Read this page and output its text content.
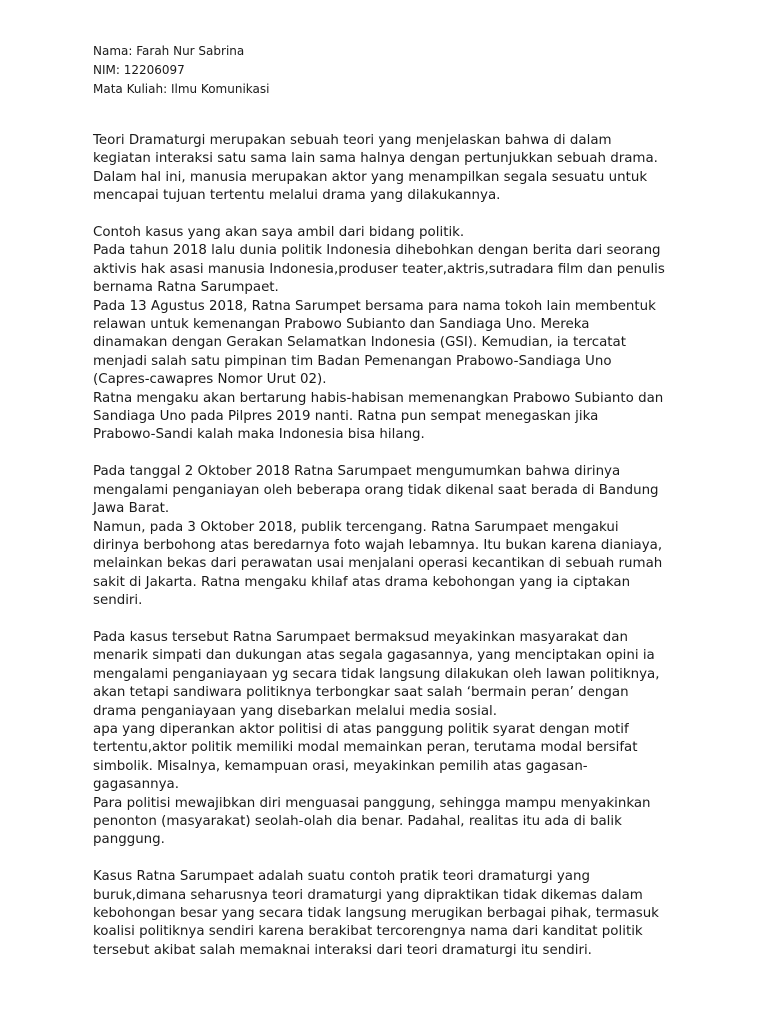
Nama: Farah Nur Sabrina
NIM: 12206097
Mata Kuliah: Ilmu Komunikasi
Teori Dramaturgi merupakan sebuah teori yang menjelaskan bahwa di dalam
kegiatan interaksi satu sama lain sama halnya dengan pertunjukkan sebuah drama.
Dalam hal ini, manusia merupakan aktor yang menampilkan segala sesuatu untuk
mencapai tujuan tertentu melalui drama yang dilakukannya.
Contoh kasus yang akan saya ambil dari bidang politik.
Pada tahun 2018 lalu dunia politik Indonesia dihebohkan dengan berita dari seorang
aktivis hak asasi manusia Indonesia,produser teater,aktris,sutradara film dan penulis
bernama Ratna Sarumpaet.
Pada 13 Agustus 2018, Ratna Sarumpet bersama para nama tokoh lain membentuk
relawan untuk kemenangan Prabowo Subianto dan Sandiaga Uno. Mereka
dinamakan dengan Gerakan Selamatkan Indonesia (GSI). Kemudian, ia tercatat
menjadi salah satu pimpinan tim Badan Pemenangan Prabowo-Sandiaga Uno
(Capres-cawapres Nomor Urut 02).
Ratna mengaku akan bertarung habis-habisan memenangkan Prabowo Subianto dan
Sandiaga Uno pada Pilpres 2019 nanti. Ratna pun sempat menegaskan jika
Prabowo-Sandi kalah maka Indonesia bisa hilang.
Pada tanggal 2 Oktober 2018 Ratna Sarumpaet mengumumkan bahwa dirinya
mengalami penganiayan oleh beberapa orang tidak dikenal saat berada di Bandung
Jawa Barat.
Namun, pada 3 Oktober 2018, publik tercengang. Ratna Sarumpaet mengakui
dirinya berbohong atas beredarnya foto wajah lebamnya. Itu bukan karena dianiaya,
melainkan bekas dari perawatan usai menjalani operasi kecantikan di sebuah rumah
sakit di Jakarta. Ratna mengaku khilaf atas drama kebohongan yang ia ciptakan
sendiri.
Pada kasus tersebut Ratna Sarumpaet bermaksud meyakinkan masyarakat dan
menarik simpati dan dukungan atas segala gagasannya, yang menciptakan opini ia
mengalami penganiayaan yg secara tidak langsung dilakukan oleh lawan politiknya,
akan tetapi sandiwara politiknya terbongkar saat salah ‘bermain peran’ dengan
drama penganiayaan yang disebarkan melalui media sosial.
apa yang diperankan aktor politisi di atas panggung politik syarat dengan motif
tertentu,aktor politik memiliki modal memainkan peran, terutama modal bersifat
simbolik. Misalnya, kemampuan orasi, meyakinkan pemilih atas gagasan-
gagasannya.
Para politisi mewajibkan diri menguasai panggung, sehingga mampu menyakinkan
penonton (masyarakat) seolah-olah dia benar. Padahal, realitas itu ada di balik
panggung.
Kasus Ratna Sarumpaet adalah suatu contoh pratik teori dramaturgi yang
buruk,dimana seharusnya teori dramaturgi yang dipraktikan tidak dikemas dalam
kebohongan besar yang secara tidak langsung merugikan berbagai pihak, termasuk
koalisi politiknya sendiri karena berakibat tercorengnya nama dari kanditat politik
tersebut akibat salah memaknai interaksi dari teori dramaturgi itu sendiri.
